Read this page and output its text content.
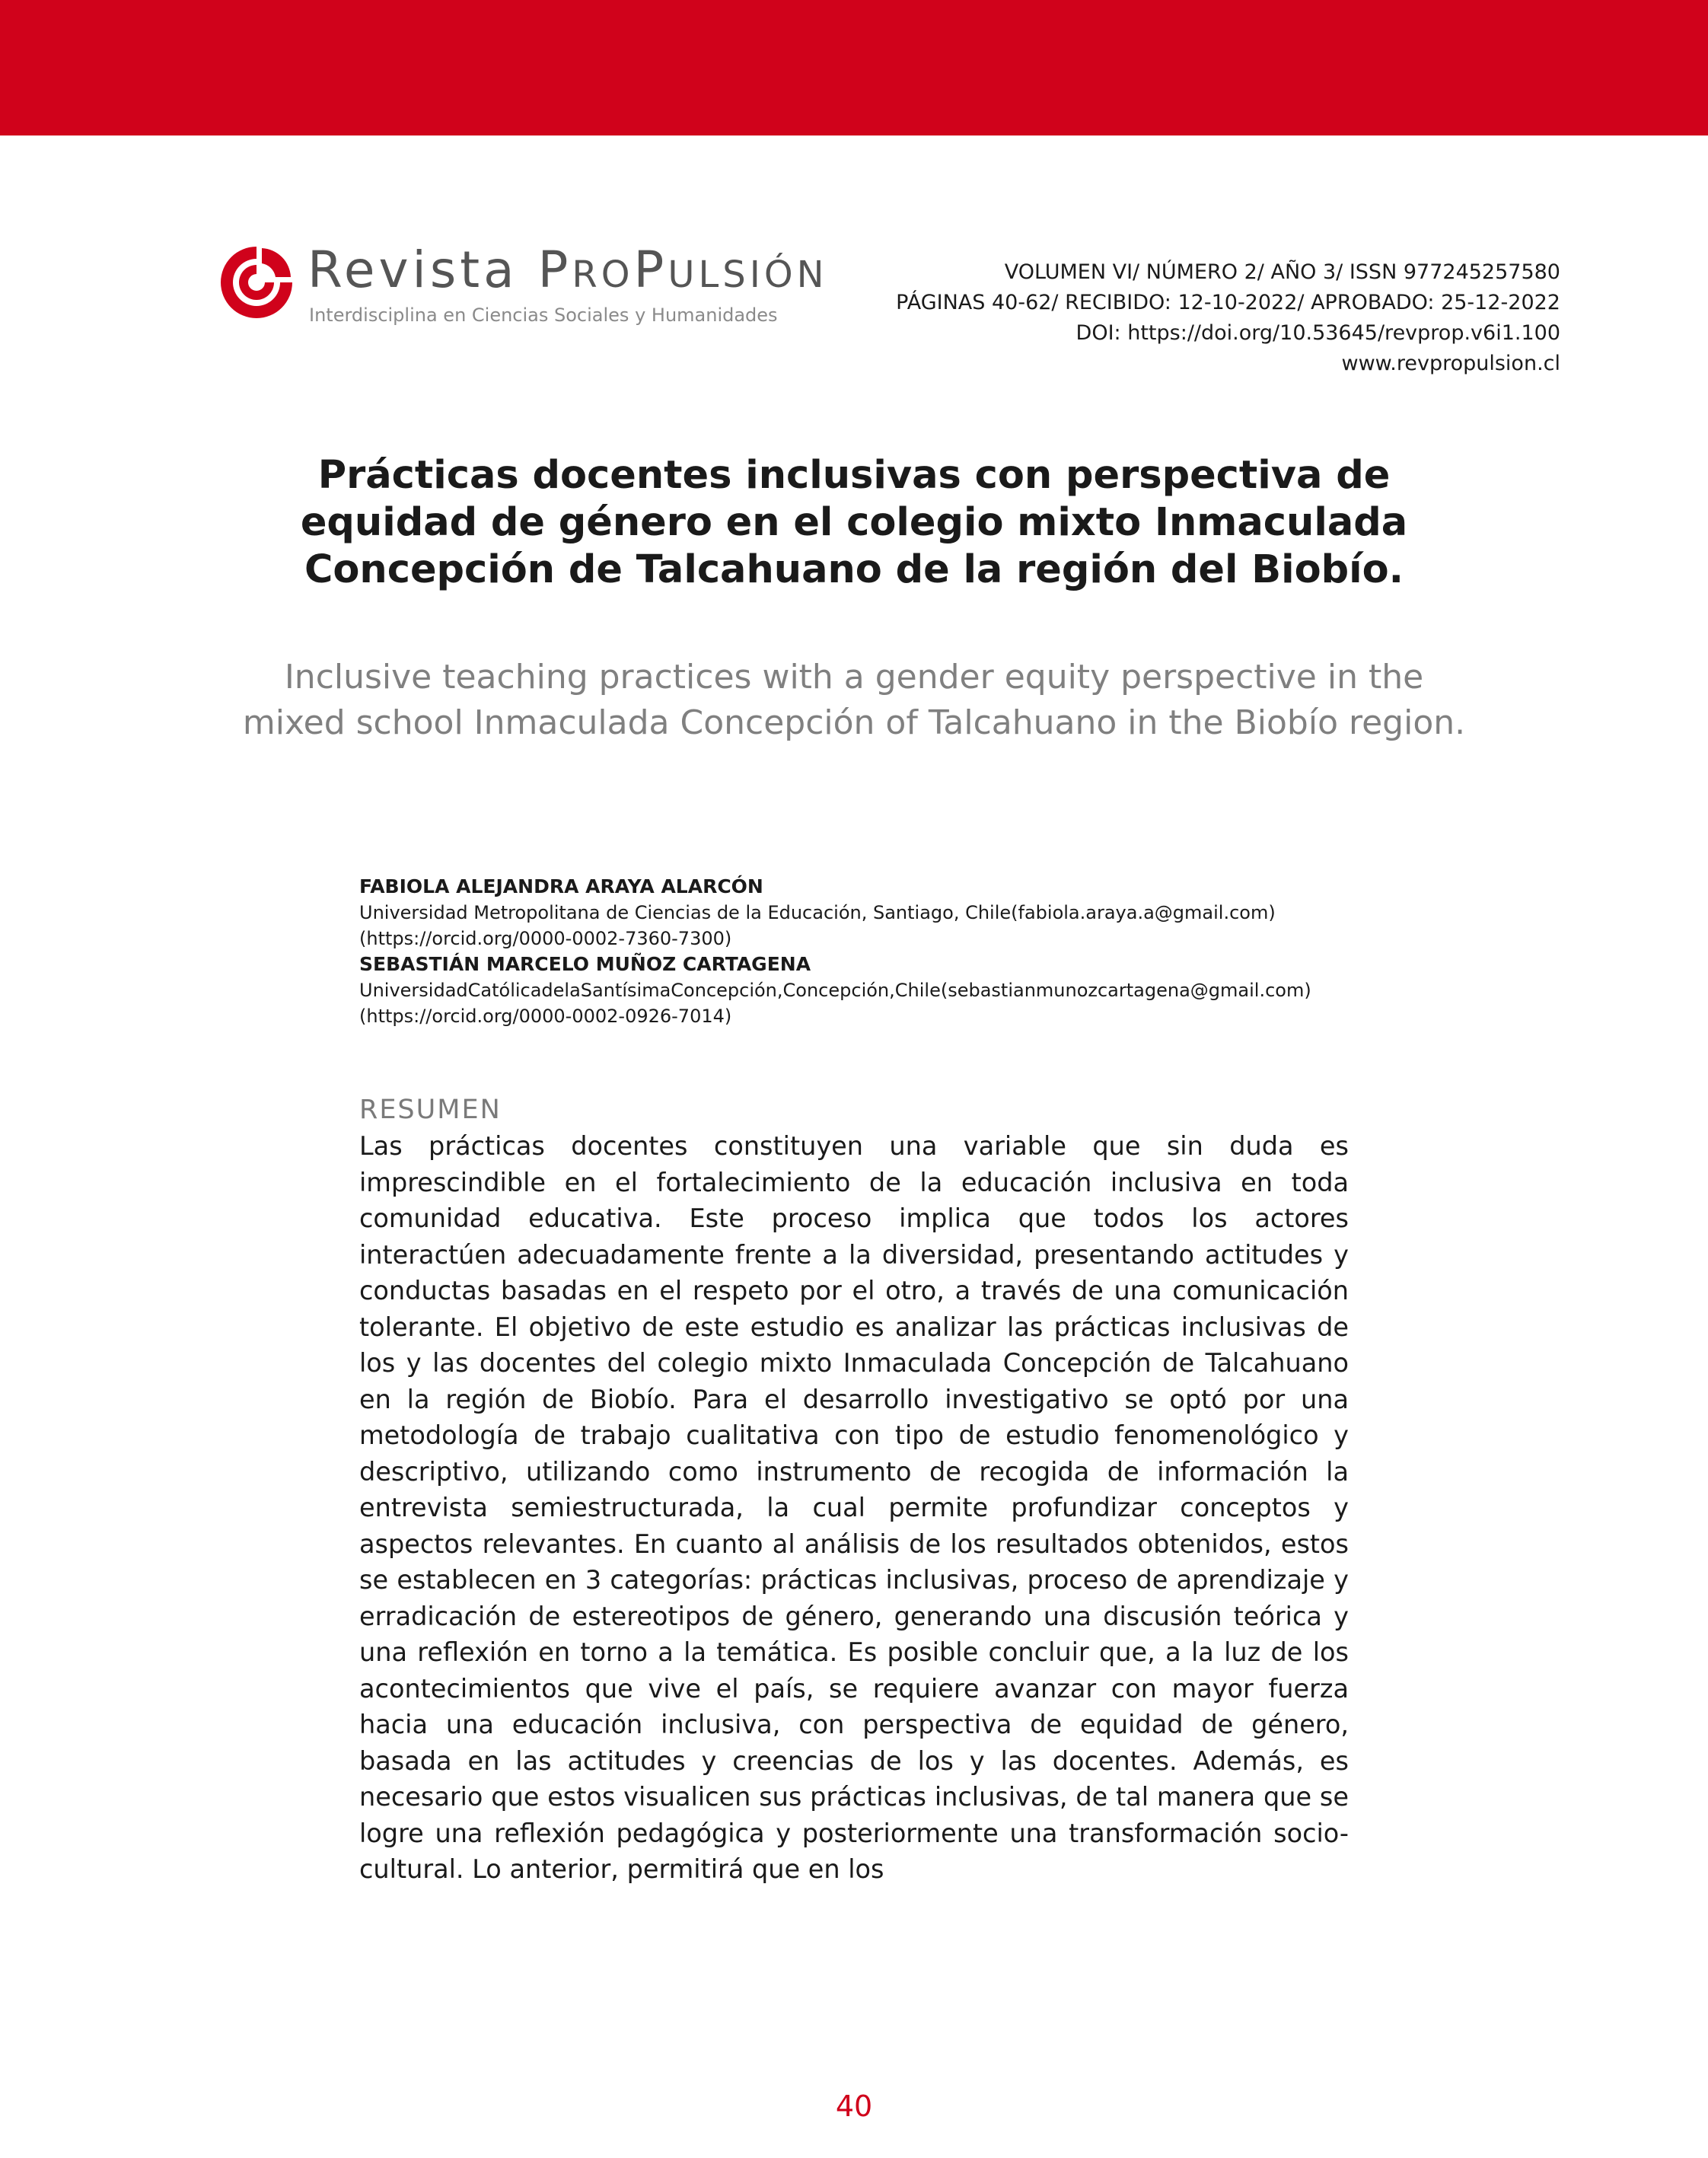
Revista PROPULSIÓN
Interdisciplina en Ciencias Sociales y Humanidades
VOLUMEN VI/ NÚMERO 2/ AÑO 3/ ISSN 977245257580
PÁGINAS 40-62/ RECIBIDO: 12-10-2022/ APROBADO: 25-12-2022
DOI: https://doi.org/10.53645/revprop.v6i1.100
www.revpropulsion.cl
Prácticas docentes inclusivas con perspectiva de equidad de género en el colegio mixto Inmaculada Concepción de Talcahuano de la región del Biobío.
Inclusive teaching practices with a gender equity perspective in the mixed school Inmaculada Concepción of Talcahuano in the Biobío region.
FABIOLA ALEJANDRA ARAYA ALARCÓN
Universidad Metropolitana de Ciencias de la Educación, Santiago, Chile(fabiola.araya.a@gmail.com)(https://orcid.org/0000-0002-7360-7300)
SEBASTIÁN MARCELO MUÑOZ CARTAGENA
UniversidadCatólicadelaSantísimaConcepción,Concepción,Chile(sebastianmunozcartagena@gmail.com)(https://orcid.org/0000-0002-0926-7014)
RESUMEN
Las prácticas docentes constituyen una variable que sin duda es imprescindible en el fortalecimiento de la educación inclusiva en toda comunidad educativa. Este proceso implica que todos los actores interactúen adecuadamente frente a la diversidad, presentando actitudes y conductas basadas en el respeto por el otro, a través de una comunicación tolerante. El objetivo de este estudio es analizar las prácticas inclusivas de los y las docentes del colegio mixto Inmaculada Concepción de Talcahuano en la región de Biobío. Para el desarrollo investigativo se optó por una metodología de trabajo cualitativa con tipo de estudio fenomenológico y descriptivo, utilizando como instrumento de recogida de información la entrevista semiestructurada, la cual permite profundizar conceptos y aspectos relevantes. En cuanto al análisis de los resultados obtenidos, estos se establecen en 3 categorías: prácticas inclusivas, proceso de aprendizaje y erradicación de estereotipos de género, generando una discusión teórica y una reflexión en torno a la temática. Es posible concluir que, a la luz de los acontecimientos que vive el país, se requiere avanzar con mayor fuerza hacia una educación inclusiva, con perspectiva de equidad de género, basada en las actitudes y creencias de los y las docentes. Además, es necesario que estos visualicen sus prácticas inclusivas, de tal manera que se logre una reflexión pedagógica y posteriormente una transformación socio-cultural. Lo anterior, permitirá que en los
40
